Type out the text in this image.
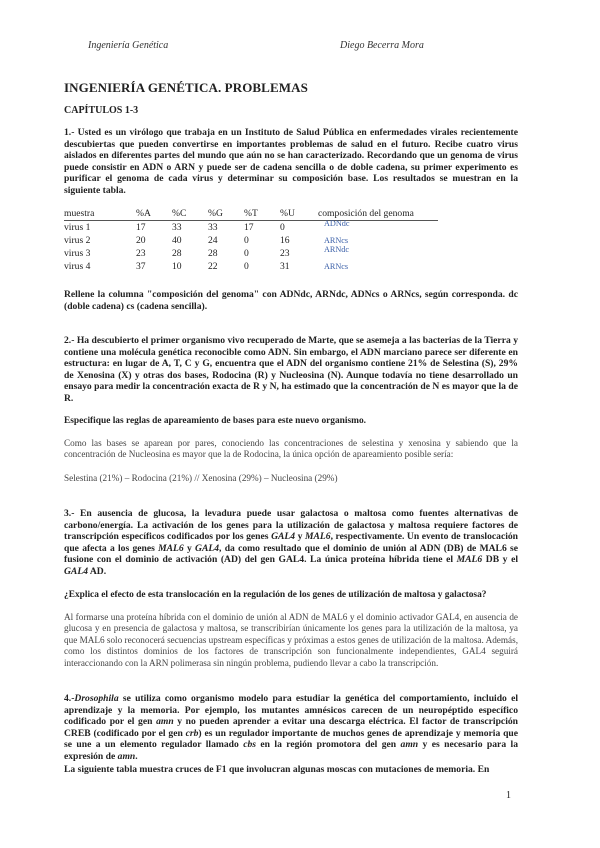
Ingeniería Genética	Diego Becerra Mora
INGENIERÍA GENÉTICA. PROBLEMAS
CAPÍTULOS 1-3
1.- Usted es un virólogo que trabaja en un Instituto de Salud Pública en enfermedades virales recientemente descubiertas que pueden convertirse en importantes problemas de salud en el futuro. Recibe cuatro virus aislados en diferentes partes del mundo que aún no se han caracterizado. Recordando que un genoma de virus puede consistir en ADN o ARN y puede ser de cadena sencilla o de doble cadena, su primer experimento es purificar el genoma de cada virus y determinar su composición base. Los resultados se muestran en la siguiente tabla.
muestra	%A	%C	%G	%T	%U	composición del genoma
virus 1	17	33	33	17	0	ADNdc
virus 2	20	40	24	0	16	ARNcs
virus 3	23	28	28	0	23	ARNdc
virus 4	37	10	22	0	31	ARNcs
Rellene la columna "composición del genoma" con ADNdc, ARNdc, ADNcs o ARNcs, según corresponda. dc (doble cadena) cs (cadena sencilla).
2.- Ha descubierto el primer organismo vivo recuperado de Marte, que se asemeja a las bacterias de la Tierra y contiene una molécula genética reconocible como ADN. Sin embargo, el ADN marciano parece ser diferente en estructura: en lugar de A, T, C y G, encuentra que el ADN del organismo contiene 21% de Selestina (S), 29% de Xenosina (X) y otras dos bases, Rodocina (R) y Nucleosina (N). Aunque todavía no tiene desarrollado un ensayo para medir la concentración exacta de R y N, ha estimado que la concentración de N es mayor que la de R.
Especifique las reglas de apareamiento de bases para este nuevo organismo.
Como las bases se aparean por pares, conociendo las concentraciones de selestina y xenosina y sabiendo que la concentración de Nucleosina es mayor que la de Rodocina, la única opción de apareamiento posible sería:
Selestina (21%) – Rodocina (21%) // Xenosina (29%) – Nucleosina (29%)
3.- En ausencia de glucosa, la levadura puede usar galactosa o maltosa como fuentes alternativas de carbono/energía. La activación de los genes para la utilización de galactosa y maltosa requiere factores de transcripción específicos codificados por los genes GAL4 y MAL6, respectivamente. Un evento de translocación que afecta a los genes MAL6 y GAL4, da como resultado que el dominio de unión al ADN (DB) de MAL6 se fusione con el dominio de activación (AD) del gen GAL4. La única proteína híbrida tiene el MAL6 DB y el GAL4 AD.
¿Explica el efecto de esta translocación en la regulación de los genes de utilización de maltosa y galactosa?
Al formarse una proteína híbrida con el dominio de unión al ADN de MAL6 y el dominio activador GAL4, en ausencia de glucosa y en presencia de galactosa y maltosa, se transcribirían únicamente los genes para la utilización de la maltosa, ya que MAL6 solo reconocerá secuencias upstream específicas y próximas a estos genes de utilización de la maltosa. Además, como los distintos dominios de los factores de transcripción son funcionalmente independientes, GAL4 seguirá interaccionando con la ARN polimerasa sin ningún problema, pudiendo llevar a cabo la transcripción.
4.-Drosophila se utiliza como organismo modelo para estudiar la genética del comportamiento, incluido el aprendizaje y la memoria. Por ejemplo, los mutantes amnésicos carecen de un neuropéptido específico codificado por el gen amn y no pueden aprender a evitar una descarga eléctrica. El factor de transcripción CREB (codificado por el gen crb) es un regulador importante de muchos genes de aprendizaje y memoria que se une a un elemento regulador llamado cbs en la región promotora del gen amn y es necesario para la expresión de amn.
La siguiente tabla muestra cruces de F1 que involucran algunas moscas con mutaciones de memoria. En
1
